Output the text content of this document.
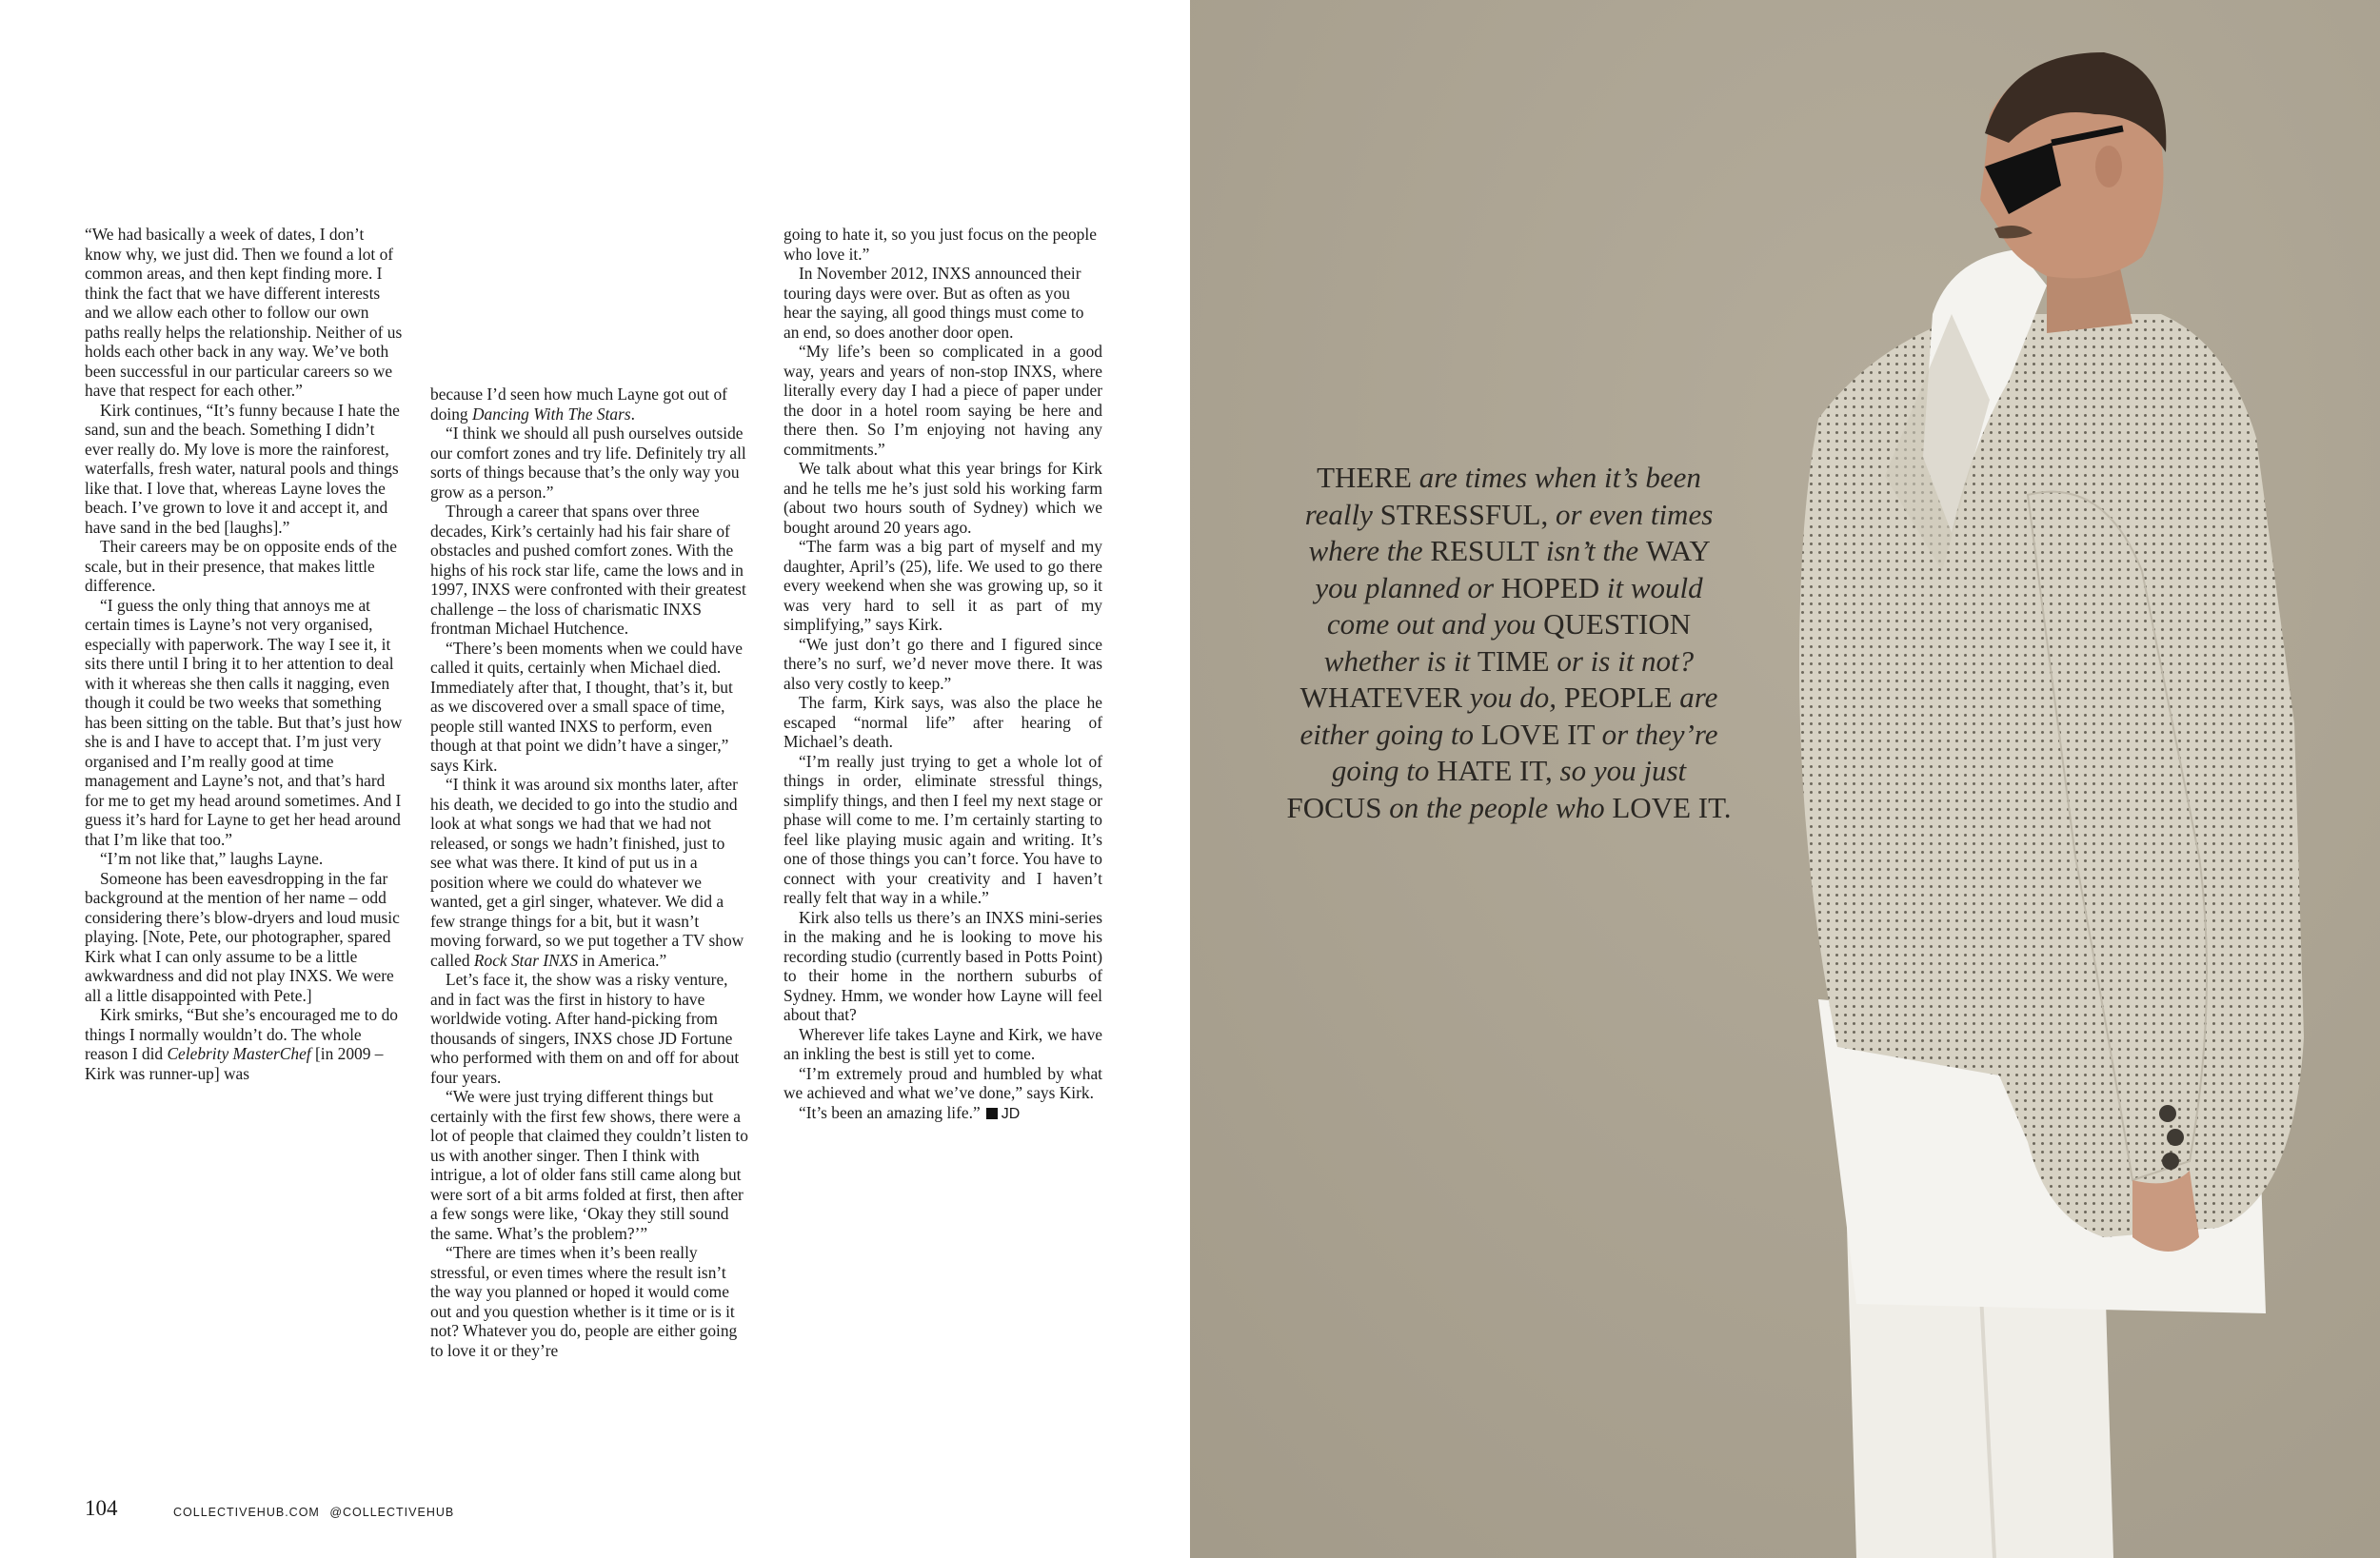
“We had basically a week of dates, I don’t know why, we just did. Then we found a lot of common areas, and then kept finding more. I think the fact that we have different interests and we allow each other to follow our own paths really helps the relationship. Neither of us holds each other back in any way. We’ve both been successful in our particular careers so we have that respect for each other.”

Kirk continues, “It’s funny because I hate the sand, sun and the beach. Something I didn’t ever really do. My love is more the rainforest, waterfalls, fresh water, natural pools and things like that. I love that, whereas Layne loves the beach. I’ve grown to love it and accept it, and have sand in the bed [laughs].”

Their careers may be on opposite ends of the scale, but in their presence, that makes little difference.

“I guess the only thing that annoys me at certain times is Layne’s not very organised, especially with paperwork. The way I see it, it sits there until I bring it to her attention to deal with it whereas she then calls it nagging, even though it could be two weeks that something has been sitting on the table. But that’s just how she is and I have to accept that. I’m just very organised and I’m really good at time management and Layne’s not, and that’s hard for me to get my head around sometimes. And I guess it’s hard for Layne to get her head around that I’m like that too.”

“I’m not like that,” laughs Layne.

Someone has been eavesdropping in the far background at the mention of her name – odd considering there’s blow-dryers and loud music playing. [Note, Pete, our photographer, spared Kirk what I can only assume to be a little awkwardness and did not play INXS. We were all a little disappointed with Pete.]

Kirk smirks, “But she’s encouraged me to do things I normally wouldn’t do. The whole reason I did Celebrity MasterChef [in 2009 – Kirk was runner-up] was

because I’d seen how much Layne got out of doing Dancing With The Stars.

“I think we should all push ourselves outside our comfort zones and try life. Definitely try all sorts of things because that’s the only way you grow as a person.”

Through a career that spans over three decades, Kirk’s certainly had his fair share of obstacles and pushed comfort zones. With the highs of his rock star life, came the lows and in 1997, INXS were confronted with their greatest challenge – the loss of charismatic INXS frontman Michael Hutchence.

“There’s been moments when we could have called it quits, certainly when Michael died. Immediately after that, I thought, that’s it, but as we discovered over a small space of time, people still wanted INXS to perform, even though at that point we didn’t have a singer,” says Kirk.

“I think it was around six months later, after his death, we decided to go into the studio and look at what songs we had that we had not released, or songs we hadn’t finished, just to see what was there. It kind of put us in a position where we could do whatever we wanted, get a girl singer, whatever. We did a few strange things for a bit, but it wasn’t moving forward, so we put together a TV show called Rock Star INXS in America.”

Let’s face it, the show was a risky venture, and in fact was the first in history to have worldwide voting. After hand-picking from thousands of singers, INXS chose JD Fortune who performed with them on and off for about four years.

“We were just trying different things but certainly with the first few shows, there were a lot of people that claimed they couldn’t listen to us with another singer. Then I think with intrigue, a lot of older fans still came along but were sort of a bit arms folded at first, then after a few songs were like, ‘Okay they still sound the same. What’s the problem?’”

“There are times when it’s been really stressful, or even times where the result isn’t the way you planned or hoped it would come out and you question whether is it time or is it not? Whatever you do, people are either going to love it or they’re

going to hate it, so you just focus on the people who love it.”

In November 2012, INXS announced their touring days were over. But as often as you hear the saying, all good things must come to an end, so does another door open.

“My life’s been so complicated in a good way, years and years of non-stop INXS, where literally every day I had a piece of paper under the door in a hotel room saying be here and there then. So I’m enjoying not having any commitments.”

We talk about what this year brings for Kirk and he tells me he’s just sold his working farm (about two hours south of Sydney) which we bought around 20 years ago.

“The farm was a big part of myself and my daughter, April’s (25), life. We used to go there every weekend when she was growing up, so it was very hard to sell it as part of my simplifying,” says Kirk.

“We just don’t go there and I figured since there’s no surf, we’d never move there. It was also very costly to keep.”

The farm, Kirk says, was also the place he escaped “normal life” after hearing of Michael’s death.

“I’m really just trying to get a whole lot of things in order, eliminate stressful things, simplify things, and then I feel my next stage or phase will come to me. I’m certainly starting to feel like playing music again and writing. It’s one of those things you can’t force. You have to connect with your creativity and I haven’t really felt that way in a while.”

Kirk also tells us there’s an INXS mini-series in the making and he is looking to move his recording studio (currently based in Potts Point) to their home in the northern suburbs of Sydney. Hmm, we wonder how Layne will feel about that?

Wherever life takes Layne and Kirk, we have an inkling the best is still yet to come.

“I’m extremely proud and humbled by what we achieved and what we’ve done,” says Kirk.

“It’s been an amazing life.” JD

104	COLLECTIVEHUB.COM @COLLECTIVEHUB
THERE are times when it’s been really STRESSFUL, or even times where the RESULT isn’t the WAY you planned or HOPED it would come out and you QUESTION whether is it TIME or is it not? WHATEVER you do, PEOPLE are either going to LOVE IT or they’re going to HATE IT, so you just FOCUS on the people who LOVE IT.
